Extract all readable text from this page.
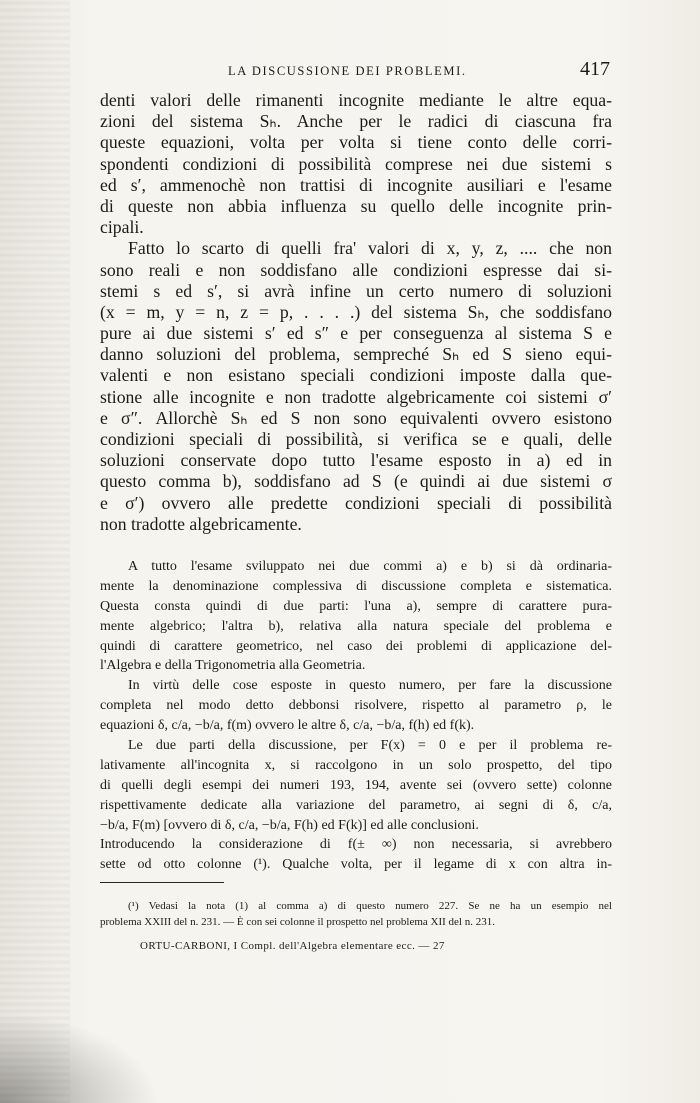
LA DISCUSSIONE DEI PROBLEMI.	417
denti valori delle rimanenti incognite mediante le altre equa-
zioni del sistema Sₕ. Anche per le radici di ciascuna fra
queste equazioni, volta per volta si tiene conto delle corri-
spondenti condizioni di possibilità comprese nei due sistemi s
ed s′, ammenochè non trattisi di incognite ausiliari e l'esame
di queste non abbia influenza su quello delle incognite prin-
cipali.
Fatto lo scarto di quelli fra' valori di x, y, z, .... che non
sono reali e non soddisfano alle condizioni espresse dai si-
stemi s ed s′, si avrà infine un certo numero di soluzioni
(x = m, y = n, z = p, . . . .) del sistema Sₕ, che soddisfano
pure ai due sistemi s′ ed s″ e per conseguenza al sistema S e
danno soluzioni del problema, sempreché Sₕ ed S sieno equi-
valenti e non esistano speciali condizioni imposte dalla que-
stione alle incognite e non tradotte algebricamente coi sistemi σ′
e σ″. Allorchè Sₕ ed S non sono equivalenti ovvero esistono
condizioni speciali di possibilità, si verifica se e quali, delle
soluzioni conservate dopo tutto l'esame esposto in a) ed in
questo comma b), soddisfano ad S (e quindi ai due sistemi σ
e σ′) ovvero alle predette condizioni speciali di possibilità
non tradotte algebricamente.
A tutto l'esame sviluppato nei due commi a) e b) si dà ordinaria-
mente la denominazione complessiva di discussione completa e sistematica.
Questa consta quindi di due parti: l'una a), sempre di carattere pura-
mente algebrico; l'altra b), relativa alla natura speciale del problema e
quindi di carattere geometrico, nel caso dei problemi di applicazione del-
l'Algebra e della Trigonometria alla Geometria.
In virtù delle cose esposte in questo numero, per fare la discussione
completa nel modo detto debbonsi risolvere, rispetto al parametro ρ, le
equazioni δ, c/a, −b/a, f(m) ovvero le altre δ, c/a, −b/a, f(h) ed f(k).
Le due parti della discussione, per F(x) = 0 e per il problema re-
lativamente all'incognita x, si raccolgono in un solo prospetto, del tipo
di quelli degli esempi dei numeri 193, 194, avente sei (ovvero sette) colonne
rispettivamente dedicate alla variazione del parametro, ai segni di δ, c/a,
−b/a, F(m) [ovvero di δ, c/a, −b/a, F(h) ed F(k)] ed alle conclusioni.
Introducendo la considerazione di f(± ∞) non necessaria, si avrebbero
sette od otto colonne (¹). Qualche volta, per il legame di x con altra in-
(¹) Vedasi la nota (1) al comma a) di questo numero 227. Se ne ha un esempio nel
problema XXIII del n. 231. — È con sei colonne il prospetto nel problema XII del n. 231.
ORTU-CARBONI, I Compl. dell'Algebra elementare ecc. — 27
